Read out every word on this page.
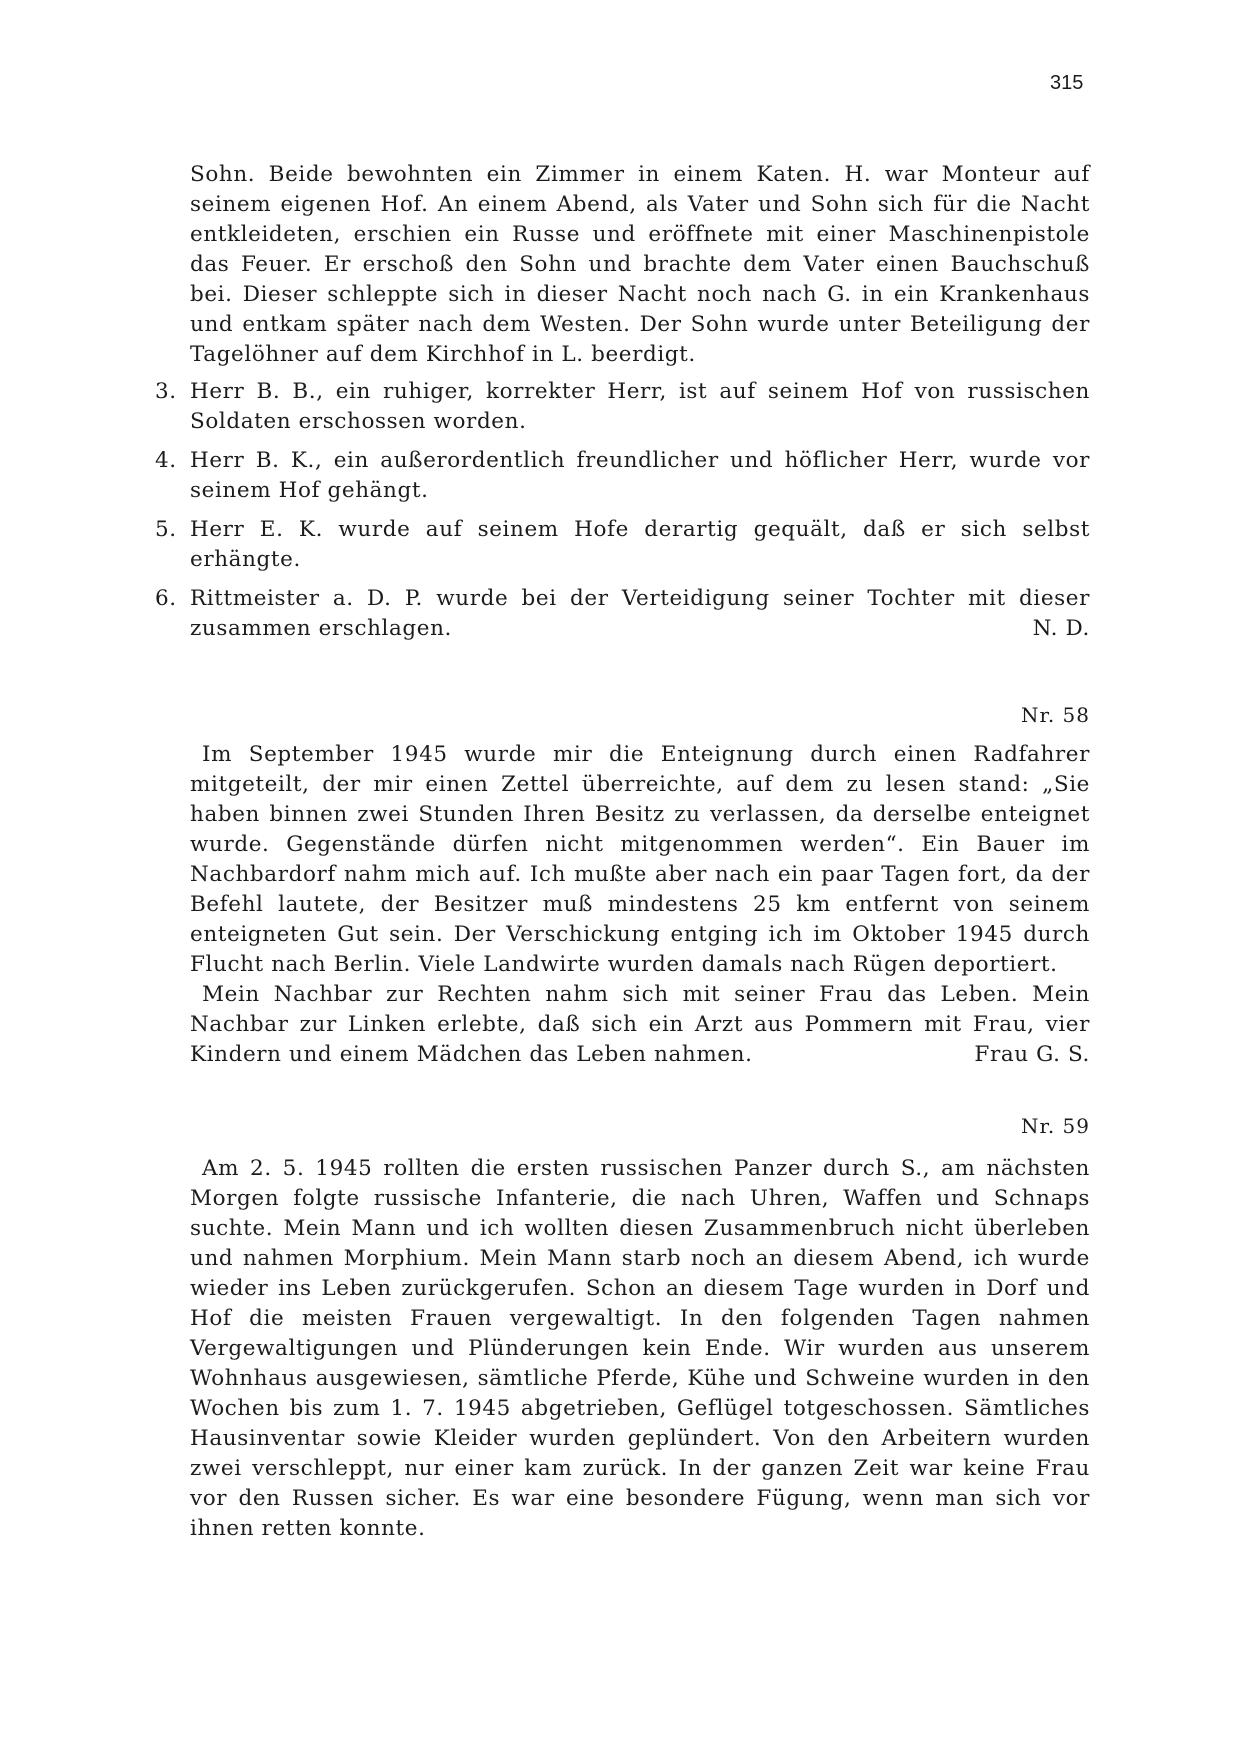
315

Sohn. Beide bewohnten ein Zimmer in einem Katen. H. war Monteur auf seinem eigenen Hof. An einem Abend, als Vater und Sohn sich für die Nacht entkleideten, erschien ein Russe und eröffnete mit einer Maschinenpistole das Feuer. Er erschoß den Sohn und brachte dem Vater einen Bauchschuß bei. Dieser schleppte sich in dieser Nacht noch nach G. in ein Krankenhaus und entkam später nach dem Westen. Der Sohn wurde unter Beteiligung der Tagelöhner auf dem Kirchhof in L. beerdigt.

3. Herr B. B., ein ruhiger, korrekter Herr, ist auf seinem Hof von russischen Soldaten erschossen worden.
4. Herr B. K., ein außerordentlich freundlicher und höflicher Herr, wurde vor seinem Hof gehängt.
5. Herr E. K. wurde auf seinem Hofe derartig gequält, daß er sich selbst erhängte.
6. Rittmeister a. D. P. wurde bei der Verteidigung seiner Tochter mit dieser zusammen erschlagen.	N. D.
Nr. 58

Im September 1945 wurde mir die Enteignung durch einen Radfahrer mitgeteilt, der mir einen Zettel überreichte, auf dem zu lesen stand: „Sie haben binnen zwei Stunden Ihren Besitz zu verlassen, da derselbe enteignet wurde. Gegenstände dürfen nicht mitgenommen werden“. Ein Bauer im Nachbardorf nahm mich auf. Ich mußte aber nach ein paar Tagen fort, da der Befehl lautete, der Besitzer muß mindestens 25 km entfernt von seinem enteigneten Gut sein. Der Verschickung entging ich im Oktober 1945 durch Flucht nach Berlin. Viele Landwirte wurden damals nach Rügen deportiert.

Mein Nachbar zur Rechten nahm sich mit seiner Frau das Leben. Mein Nachbar zur Linken erlebte, daß sich ein Arzt aus Pommern mit Frau, vier Kindern und einem Mädchen das Leben nahmen.	Frau G. S.

Nr. 59

Am 2. 5. 1945 rollten die ersten russischen Panzer durch S., am nächsten Morgen folgte russische Infanterie, die nach Uhren, Waffen und Schnaps suchte. Mein Mann und ich wollten diesen Zusammenbruch nicht überleben und nahmen Morphium. Mein Mann starb noch an diesem Abend, ich wurde wieder ins Leben zurückgerufen. Schon an diesem Tage wurden in Dorf und Hof die meisten Frauen vergewaltigt. In den folgenden Tagen nahmen Vergewaltigungen und Plünderungen kein Ende. Wir wurden aus unserem Wohnhaus ausgewiesen, sämtliche Pferde, Kühe und Schweine wurden in den Wochen bis zum 1. 7. 1945 abgetrieben, Geflügel totgeschossen. Sämtliches Hausinventar sowie Kleider wurden geplündert. Von den Arbeitern wurden zwei verschleppt, nur einer kam zurück. In der ganzen Zeit war keine Frau vor den Russen sicher. Es war eine besondere Fügung, wenn man sich vor ihnen retten konnte.
